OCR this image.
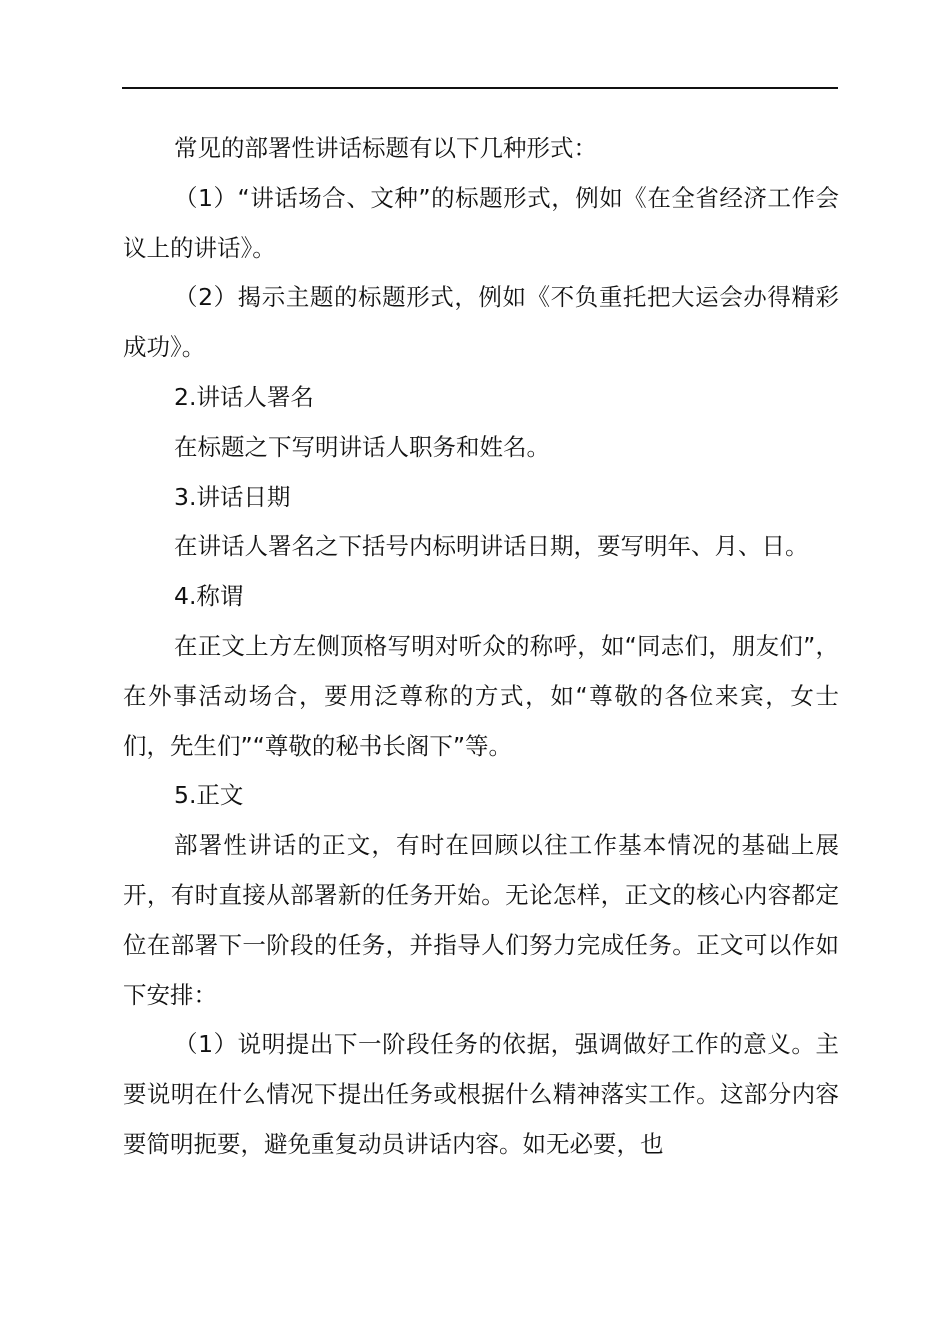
常见的部署性讲话标题有以下几种形式：

（1）“讲话场合、文种”的标题形式，例如《在全省经济工作会议上的讲话》。

（2）揭示主题的标题形式，例如《不负重托把大运会办得精彩成功》。

2.讲话人署名

在标题之下写明讲话人职务和姓名。

3.讲话日期

在讲话人署名之下括号内标明讲话日期，要写明年、月、日。

4.称谓

在正文上方左侧顶格写明对听众的称呼，如“同志们，朋友们”，在外事活动场合，要用泛尊称的方式，如“尊敬的各位来宾，女士们，先生们”“尊敬的秘书长阁下”等。

5.正文

部署性讲话的正文，有时在回顾以往工作基本情况的基础上展开，有时直接从部署新的任务开始。无论怎样，正文的核心内容都定位在部署下一阶段的任务，并指导人们努力完成任务。正文可以作如下安排：

（1）说明提出下一阶段任务的依据，强调做好工作的意义。主要说明在什么情况下提出任务或根据什么精神落实工作。这部分内容要简明扼要，避免重复动员讲话内容。如无必要，也
